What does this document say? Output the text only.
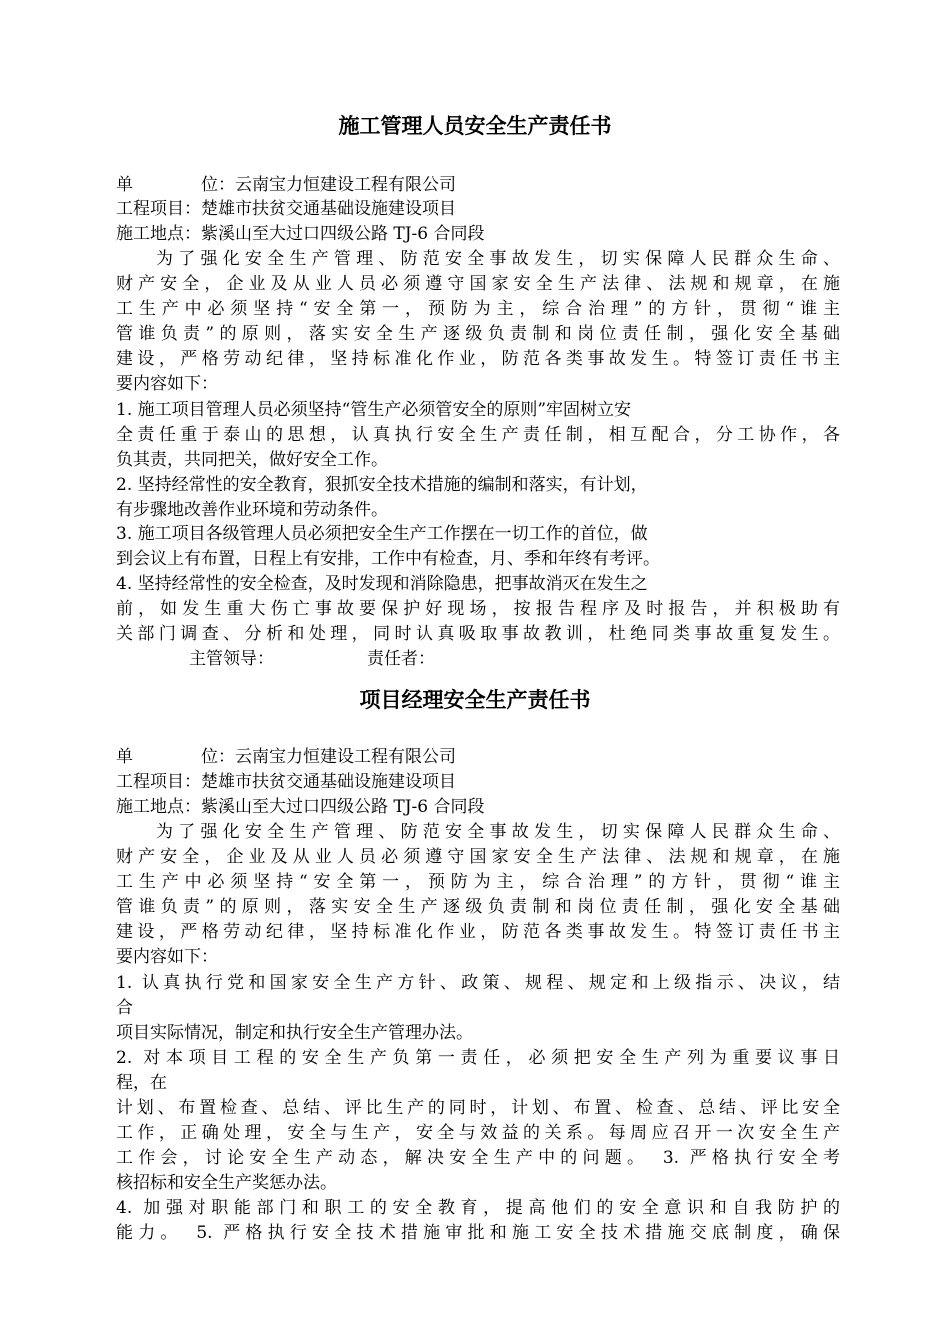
施工管理人员安全生产责任书
单　　　　位：云南宝力恒建设工程有限公司
工程项目：楚雄市扶贫交通基础设施建设项目
施工地点：紫溪山至大过口四级公路 TJ-6 合同段
为了强化安全生产管理、防范安全事故发生，切实保障人民群众生命、
财产安全，企业及从业人员必须遵守国家安全生产法律、法规和规章，在施
工生产中必须坚持“安全第一，预防为主，综合治理”的方针，贯彻“谁主
管谁负责”的原则，落实安全生产逐级负责制和岗位责任制，强化安全基础
建设，严格劳动纪律，坚持标准化作业，防范各类事故发生。特签订责任书主
要内容如下：
1. 施工项目管理人员必须坚持“管生产必须管安全的原则”牢固树立安
全责任重于泰山的思想，认真执行安全生产责任制，相互配合，分工协作，各
负其责，共同把关，做好安全工作。
2. 坚持经常性的安全教育，狠抓安全技术措施的编制和落实，有计划，
有步骤地改善作业环境和劳动条件。
3. 施工项目各级管理人员必须把安全生产工作摆在一切工作的首位，做
到会议上有布置，日程上有安排，工作中有检查，月、季和年终有考评。
4. 坚持经常性的安全检查，及时发现和消除隐患，把事故消灭在发生之
前，如发生重大伤亡事故要保护好现场，按报告程序及时报告，并积极助有
关部门调查、分析和处理，同时认真吸取事故教训，杜绝同类事故重复发生。
主管领导：	责任者：
项目经理安全生产责任书
单　　　　位：云南宝力恒建设工程有限公司
工程项目：楚雄市扶贫交通基础设施建设项目
施工地点：紫溪山至大过口四级公路 TJ-6 合同段
为了强化安全生产管理、防范安全事故发生，切实保障人民群众生命、
财产安全，企业及从业人员必须遵守国家安全生产法律、法规和规章，在施
工生产中必须坚持“安全第一，预防为主，综合治理”的方针，贯彻“谁主
管谁负责”的原则，落实安全生产逐级负责制和岗位责任制，强化安全基础
建设，严格劳动纪律，坚持标准化作业，防范各类事故发生。特签订责任书主
要内容如下：
1. 认真执行党和国家安全生产方针、政策、规程、规定和上级指示、决议，结
合
项目实际情况，制定和执行安全生产管理办法。
2. 对本项目工程的安全生产负第一责任，必须把安全生产列为重要议事日
程，在
计划、布置检查、总结、评比生产的同时，计划、布置、检查、总结、评比安全
工作，正确处理，安全与生产，安全与效益的关系。每周应召开一次安全生产
工作会，讨论安全生产动态，解决安全生产中的问题。　3. 严格执行安全考
核招标和安全生产奖惩办法。
4. 加强对职能部门和职工的安全教育，提高他们的安全意识和自我防护的
能力。　5. 严格执行安全技术措施审批和施工安全技术措施交底制度，确保
